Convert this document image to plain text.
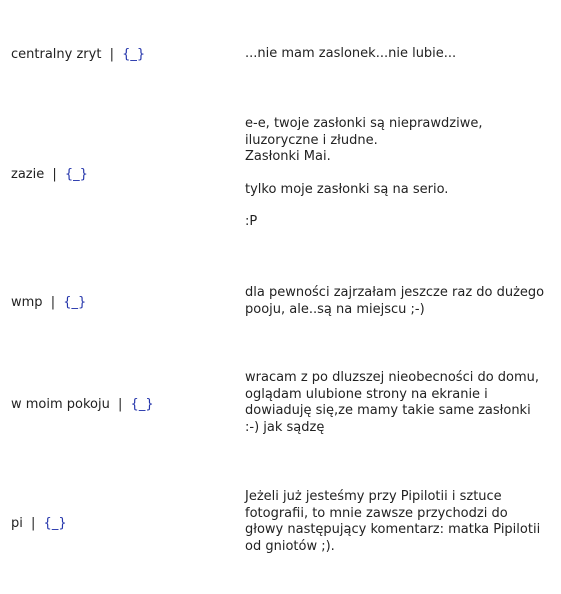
centralny zryt | {_}	...nie mam zaslonek...nie lubie...

zazie | {_}

e-e, twoje zasłonki są nieprawdziwe, iluzoryczne i złudne.
Zasłonki Mai.

tylko moje zasłonki są na serio.

:P

wmp | {_}

dla pewności zajrzałam jeszcze raz do dużego pooju, ale..są na miejscu ;-)

w moim pokoju | {_}

wracam z po dluzszej nieobecności do domu, oglądam ulubione strony na ekranie i dowiaduję się,ze mamy takie same zasłonki :-) jak sądzę

pi | {_}

Jeżeli już jesteśmy przy Pipilotii i sztuce fotografii, to mnie zawsze przychodzi do głowy następujący komentarz: matka Pipilotii od gniotów ;).
